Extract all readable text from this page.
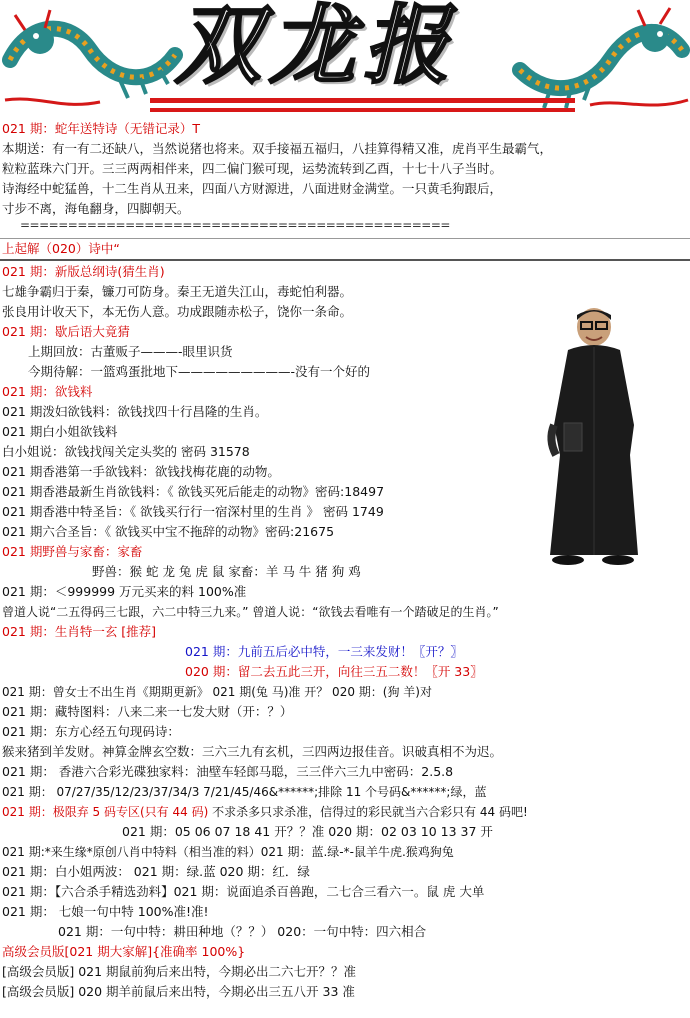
双龙报
021 期：蛇年送特诗（无错记录）T
本期送：有一有二还缺八，当然说猪也将来。双手接福五福归，八挂算得精又准，虎肖平生最霸气，
粒粒蓝珠六门开。三三两两相伴来，四二偏门猴可现，运势流转到乙酉，十七十八子当时。
诗海经中蛇猛兽，十二生肖从丑来，四面八方财源进，八面进财金满堂。一只黄毛狗跟后，
寸步不离，海龟翻身，四脚朝天。
=============================================
上起解（020）诗中“
021 期：新版总纲诗(猜生肖)
七雄争霸归于秦，镰刀可防身。秦王无道失江山，毒蛇怕利器。
张良用计收天下，本无伤人意。功成跟随赤松子，饶你一条命。
021 期：歇后语大竟猜
上期回放：古董贩子———-眼里识货
今期待解：一篮鸡蛋批地下—————————-没有一个好的
021 期：欲钱料
021 期泼妇欲钱料：欲钱找四十行昌隆的生肖。
021 期白小姐欲钱料
白小姐说：欲钱找闯关定头奖的 密码 31578
021 期香港第一手欲钱料：欲钱找梅花鹿的动物。
021 期香港最新生肖欲钱料：《 欲钱买死后能走的动物》密码:18497
021 期香港中特圣旨：《 欲钱买行行一宿深村里的生肖 》 密码 1749
021 期六合圣旨：《 欲钱买中宝不拖辞的动物》密码:21675
021 期野兽与家畜：家畜
野兽：猴 蛇 龙 兔 虎 鼠 家畜：羊 马 牛 猪 狗 鸡
021 期：＜999999 万元买来的料 100%准
曾道人说“二五得码三七跟，六二中特三九来。” 曾道人说：“欲钱去看唯有一个踏破足的生肖。”
021 期：生肖特一玄 [推荐]
021 期：九前五后必中特，一三来发财！〖开？〗
020 期：留二去五此三开，向往三五二数！〖开 33〗
021 期：曾女士不出生肖《期期更新》 021 期(兔 马)准 开？ 020 期：(狗 羊)对
021 期：藏特图料：八来二来一七发大财（开：？）
021 期：东方心经五句现码诗：
猴来猪到羊发财。神算金牌玄空数：三六三九有玄机，三四两边报佳音。识破真相不为迟。
021 期： 香港六合彩光碟独家料：油壁车轻郎马聪，三三伴六三九中密码：2.5.8
021 期： 07/27/35/12/23/37/34/3 7/21/45/46&******;排除 11 个号码&******;绿，蓝
021 期：极限弃 5 码专区(只有 44 码) 不求杀多只求杀准，信得过的彩民就当六合彩只有 44 码吧!
021 期：05 06 07 18 41 开？？准 020 期：02 03 10 13 37 开
021 期:*来生缘*原创八肖中特料（相当准的料）021 期：蓝.绿-*-鼠羊牛虎.猴鸡狗兔
021 期：白小姐两波： 021 期：绿.蓝 020 期：红．绿
021 期：【六合杀手精选劲料】021 期：说面追杀百兽跑，二七合三看六一。鼠 虎 大单
021 期： 七娘一句中特 100%准!准!
021 期：一句中特：耕田种地（？？） 020：一句中特：四六相合
高级会员版[021 期大家解]{准确率 100%}
[高级会员版] 021 期鼠前狗后来出特，今期必出二六七开？？准
[高级会员版] 020 期羊前鼠后来出特，今期必出三五八开 33 准
